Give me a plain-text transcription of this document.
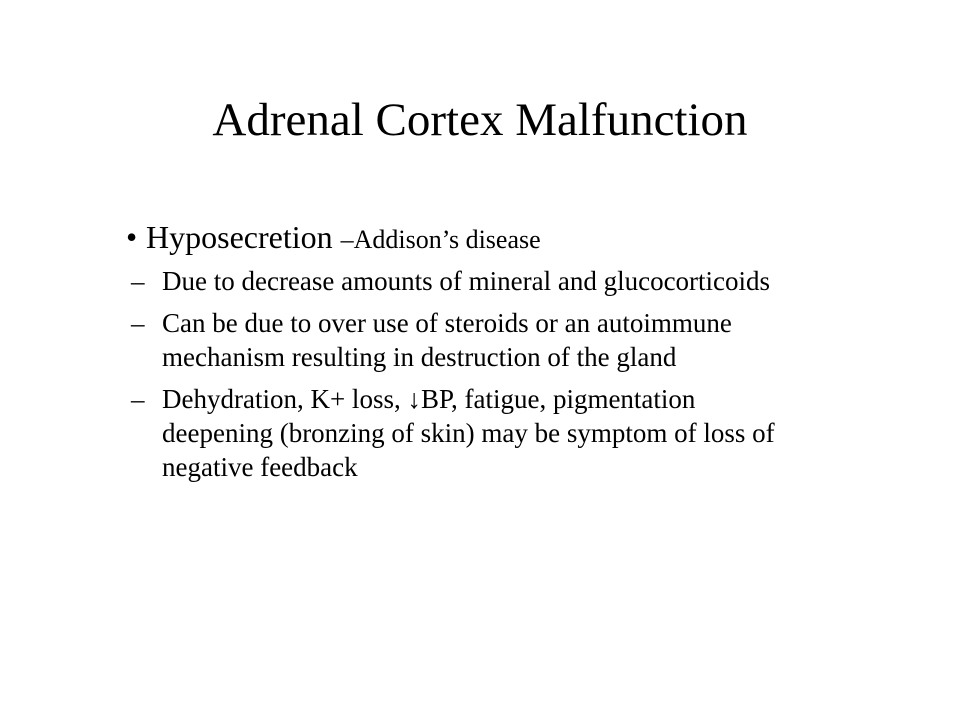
Adrenal Cortex Malfunction
• Hyposecretion –Addison’s disease
– Due to decrease amounts of mineral and glucocorticoids
– Can be due to over use of steroids or an autoimmune mechanism resulting in destruction of the gland
– Dehydration, K+ loss, ↓BP, fatigue, pigmentation deepening (bronzing of skin) may be symptom of loss of negative feedback
